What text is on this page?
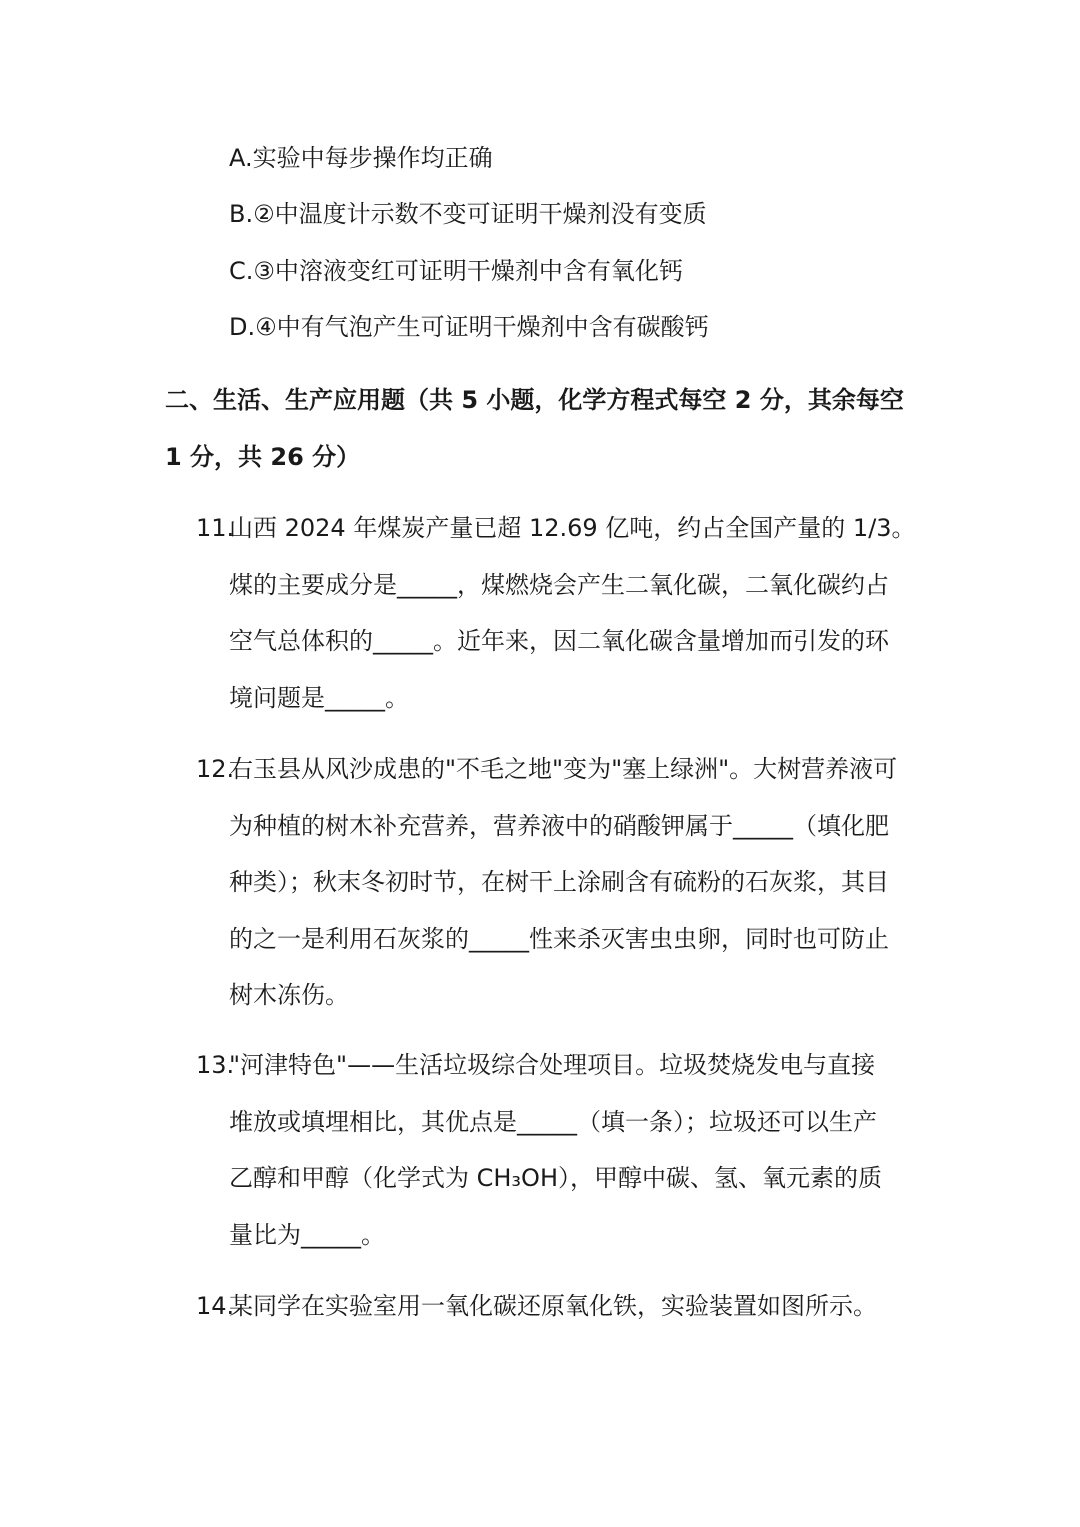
A.实验中每步操作均正确
B.②中温度计示数不变可证明干燥剂没有变质
C.③中溶液变红可证明干燥剂中含有氧化钙
D.④中有气泡产生可证明干燥剂中含有碳酸钙
二、生活、生产应用题（共 5 小题，化学方程式每空 2 分，其余每空
1 分，共 26 分）
11.山西 2024 年煤炭产量已超 12.69 亿吨，约占全国产量的 1/3。
煤的主要成分是_____，煤燃烧会产生二氧化碳，二氧化碳约占
空气总体积的_____。近年来，因二氧化碳含量增加而引发的环
境问题是_____。
12.右玉县从风沙成患的"不毛之地"变为"塞上绿洲"。大树营养液可
为种植的树木补充营养，营养液中的硝酸钾属于_____（填化肥
种类）；秋末冬初时节，在树干上涂刷含有硫粉的石灰浆，其目
的之一是利用石灰浆的_____性来杀灭害虫虫卵，同时也可防止
树木冻伤。
13."河津特色"——生活垃圾综合处理项目。垃圾焚烧发电与直接
堆放或填埋相比，其优点是_____（填一条）；垃圾还可以生产
乙醇和甲醇（化学式为 CH₃OH），甲醇中碳、氢、氧元素的质
量比为_____。
14.某同学在实验室用一氧化碳还原氧化铁，实验装置如图所示。
